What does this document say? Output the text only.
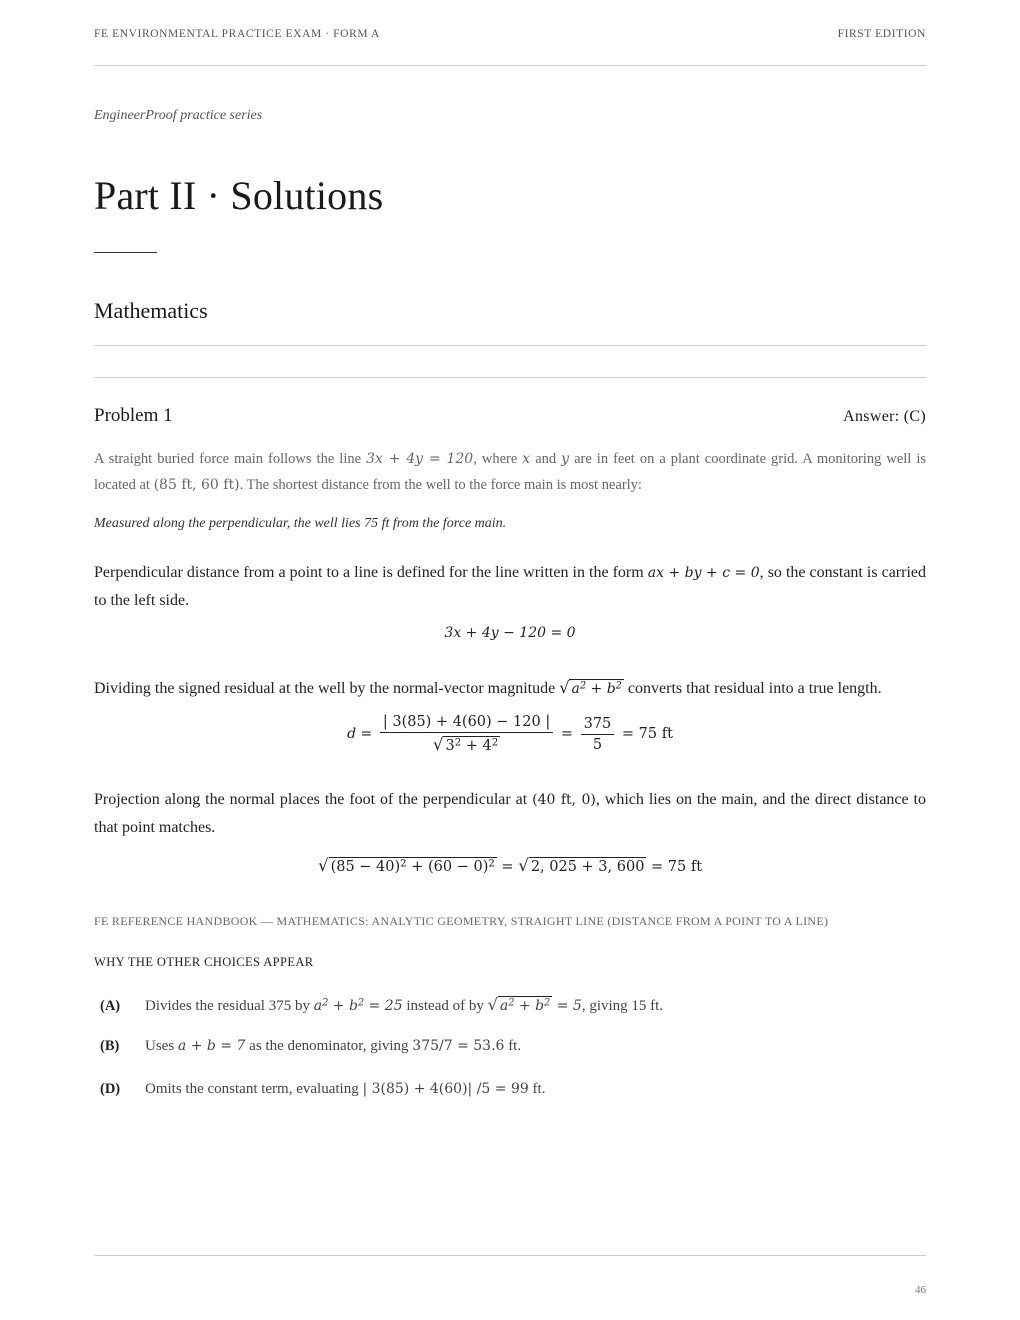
FE ENVIRONMENTAL PRACTICE EXAM · FORM A	FIRST EDITION
EngineerProof practice series
Part II · Solutions
Mathematics
Problem 1	Answer: (C)
A straight buried force main follows the line 3x + 4y = 120, where x and y are in feet on a plant coordinate grid. A monitoring well is located at (85 ft, 60 ft). The shortest distance from the well to the force main is most nearly:
Measured along the perpendicular, the well lies 75 ft from the force main.
Perpendicular distance from a point to a line is defined for the line written in the form ax + by + c = 0, so the constant is carried to the left side.
3x + 4y − 120 = 0
Dividing the signed residual at the well by the normal-vector magnitude √ $a^2 + b^2$ converts that residual into a true length.
$d = \frac{| 3(85) + 4(60) - 120 |}{√ 3^2 + 4^2} = \frac{375}{5} = 75$ ft
Projection along the normal places the foot of the perpendicular at (40 ft, 0), which lies on the main, and the direct distance to that point matches.
√ $(85 - 40)^2 + (60 - 0)^2$ = √ 2, 025 + 3, 600 = 75 ft
FE REFERENCE HANDBOOK — MATHEMATICS: ANALYTIC GEOMETRY, STRAIGHT LINE (DISTANCE FROM A POINT TO A LINE)
WHY THE OTHER CHOICES APPEAR
(A)	Divides the residual 375 by $a^2 + b^2 = 25$ instead of by √ $a^2 + b^2 = 5$, giving 15 ft.
(B)	Uses a + b = 7 as the denominator, giving 375/7 = 53.6 ft.
(D)	Omits the constant term, evaluating | 3(85) + 4(60)| /5 = 99 ft.
46
